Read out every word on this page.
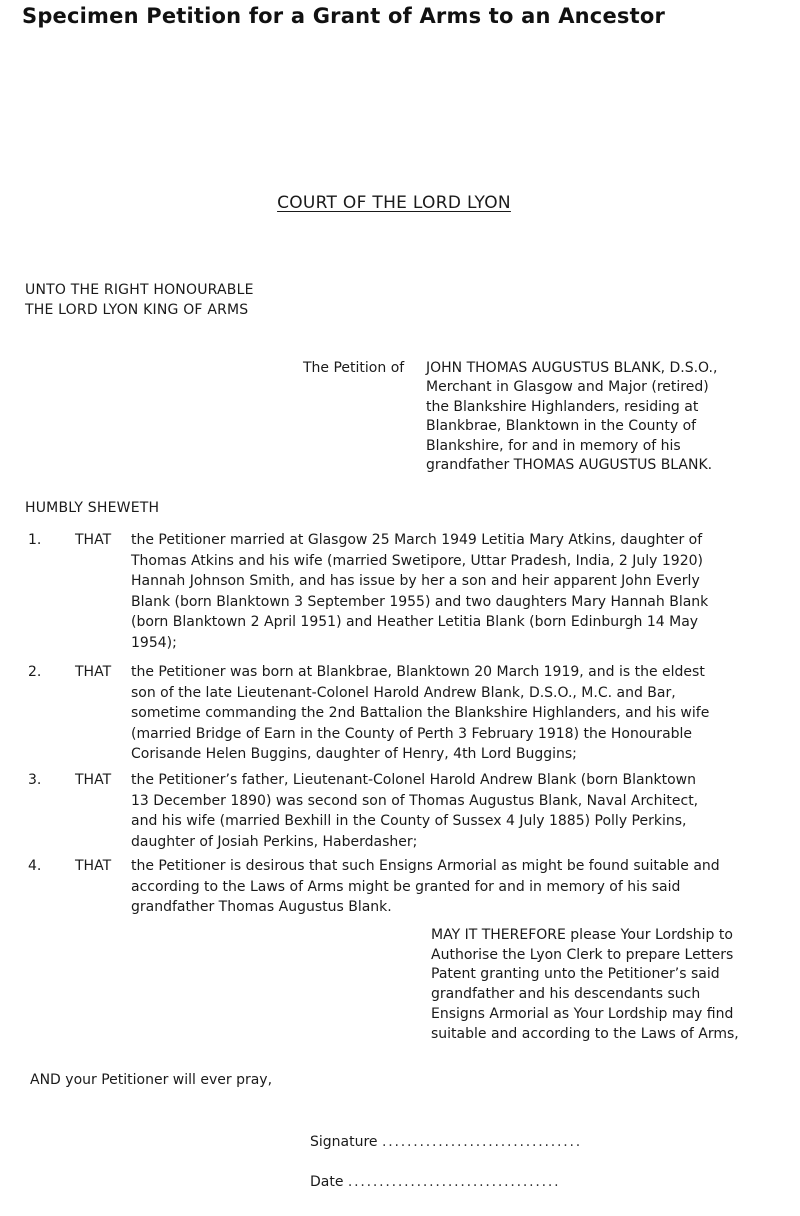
Specimen Petition for a Grant of Arms to an Ancestor
COURT OF THE LORD LYON
UNTO THE RIGHT HONOURABLE
THE LORD LYON KING OF ARMS
The Petition of JOHN THOMAS AUGUSTUS BLANK, D.S.O.,
Merchant in Glasgow and Major (retired)
the Blankshire Highlanders, residing at
Blankbrae, Blanktown in the County of
Blankshire, for and in memory of his
grandfather THOMAS AUGUSTUS BLANK.
HUMBLY SHEWETH
1. THAT the Petitioner married at Glasgow 25 March 1949 Letitia Mary Atkins, daughter of
Thomas Atkins and his wife (married Swetipore, Uttar Pradesh, India, 2 July 1920)
Hannah Johnson Smith, and has issue by her a son and heir apparent John Everly
Blank (born Blanktown 3 September 1955) and two daughters Mary Hannah Blank
(born Blanktown 2 April 1951) and Heather Letitia Blank (born Edinburgh 14 May
1954);
2. THAT the Petitioner was born at Blankbrae, Blanktown 20 March 1919, and is the eldest
son of the late Lieutenant-Colonel Harold Andrew Blank, D.S.O., M.C. and Bar,
sometime commanding the 2nd Battalion the Blankshire Highlanders, and his wife
(married Bridge of Earn in the County of Perth 3 February 1918) the Honourable
Corisande Helen Buggins, daughter of Henry, 4th Lord Buggins;
3. THAT the Petitioner’s father, Lieutenant-Colonel Harold Andrew Blank (born Blanktown
13 December 1890) was second son of Thomas Augustus Blank, Naval Architect,
and his wife (married Bexhill in the County of Sussex 4 July 1885) Polly Perkins,
daughter of Josiah Perkins, Haberdasher;
4. THAT the Petitioner is desirous that such Ensigns Armorial as might be found suitable and
according to the Laws of Arms might be granted for and in memory of his said
grandfather Thomas Augustus Blank.
MAY IT THEREFORE please Your Lordship to
Authorise the Lyon Clerk to prepare Letters
Patent granting unto the Petitioner’s said
grandfather and his descendants such
Ensigns Armorial as Your Lordship may find
suitable and according to the Laws of Arms,
AND your Petitioner will ever pray,
Signature ................................
Date ..................................
